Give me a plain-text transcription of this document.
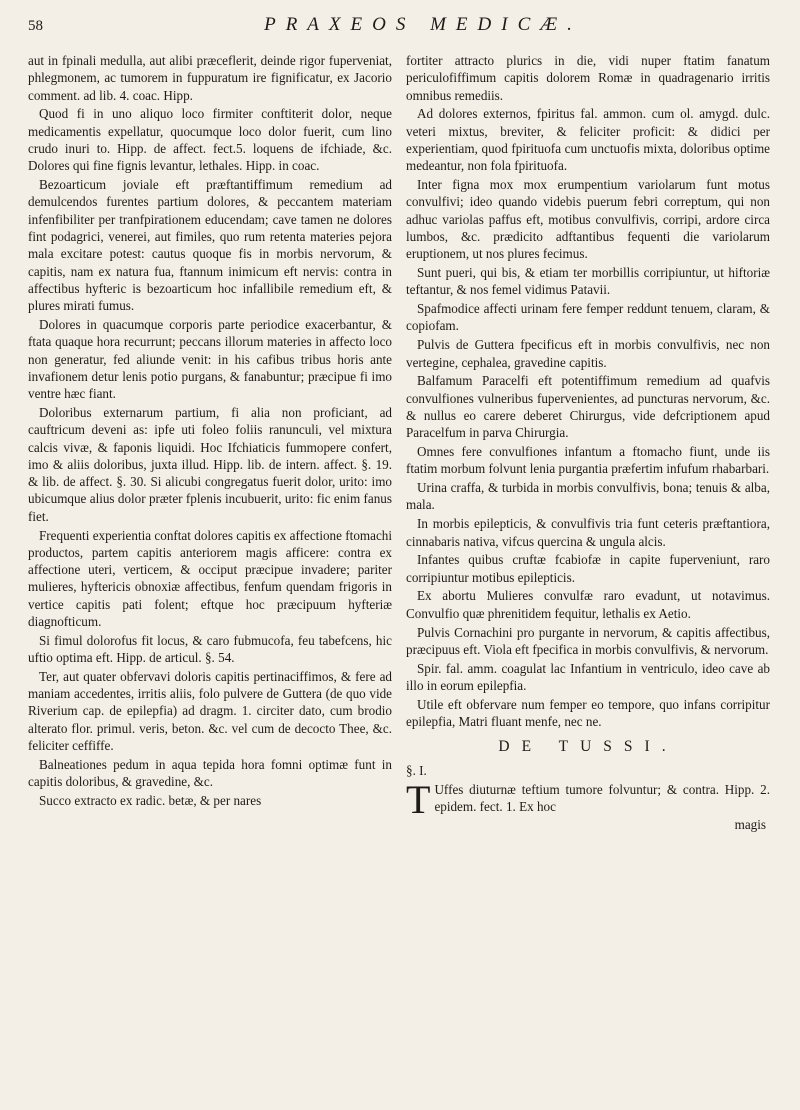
58	PRAXEOS MEDICÆ.

aut in fpinali medulla, aut alibi præceflerit, deinde rigor fuperveniat, phlegmonem, ac tumorem in fuppuratum ire fignificatur, ex Jacorio comment. ad lib. 4. coac. Hipp.

Quod fi in uno aliquo loco firmiter conftiterit dolor, neque medicamentis expellatur, quocumque loco dolor fuerit, cum lino crudo inuri to. Hipp. de affect. fect.5. loquens de ifchiade, &c. Dolores qui fine fignis levantur, lethales. Hipp. in coac.

Bezoarticum joviale eft præftantiffimum remedium ad demulcendos furentes partium dolores, & peccantem materiam infenfibiliter per tranfpirationem educendam; cave tamen ne dolores fint podagrici, venerei, aut fimiles, quo rum retenta materies pejora mala excitare potest: cautus quoque fis in morbis nervorum, & capitis, nam ex natura fua, ftannum inimicum eft nervis: contra in affectibus hyfteric is bezoarticum hoc infallibile remedium eft, & plures mirati fumus.

Dolores in quacumque corporis parte periodice exacerbantur, & ftata quaque hora recurrunt; peccans illorum materies in affecto loco non generatur, fed aliunde venit: in his cafibus tribus horis ante invafionem detur lenis potio purgans, & fanabuntur; præcipue fi imo ventre hæc fiant.

Doloribus externarum partium, fi alia non proficiant, ad cauftricum deveni as: ipfe uti foleo foliis ranunculi, vel mixtura calcis vivæ, & faponis liquidi. Hoc Ifchiaticis fummopere confert, imo & aliis doloribus, juxta illud. Hipp. lib. de intern. affect. §. 19. & lib. de affect. §. 30. Si alicubi congregatus fuerit dolor, urito: imo ubicumque alius dolor præter fplenis incubuerit, urito: fic enim fanus fiet.

Frequenti experientia conftat dolores capitis ex affectione ftomachi productos, partem capitis anteriorem magis afficere: contra ex affectione uteri, verticem, & occiput præcipue invadere; pariter mulieres, hyftericis obnoxiæ affectibus, fenfum quendam frigoris in vertice capitis pati folent; eftque hoc præcipuum hyfteriæ diagnofticum.

Si fimul dolorofus fit locus, & caro fubmucofa, feu tabefcens, hic uftio optima eft. Hipp. de articul. §. 54.

Ter, aut quater obfervavi doloris capitis pertinaciffimos, & fere ad maniam accedentes, irritis aliis, folo pulvere de Guttera (de quo vide Riverium cap. de epilepfia) ad dragm. 1. circiter dato, cum brodio alterato flor. primul. veris, beton. &c. vel cum de decocto Thee, &c. feliciter ceffiffe.

Balneationes pedum in aqua tepida hora fomni optimæ funt in capitis doloribus, & gravedine, &c.

Succo extracto ex radic. betæ, & per nares

fortiter attracto plurics in die, vidi nuper ftatim fanatum periculofiffimum capitis dolorem Romæ in quadragenario irritis omnibus remediis.

Ad dolores externos, fpiritus fal. ammon. cum ol. amygd. dulc. veteri mixtus, breviter, & feliciter proficit: & didici per experientiam, quod fpirituofa cum unctuofis mixta, doloribus optime medeantur, non fola fpirituofa.

Inter figna mox mox erumpentium variolarum funt motus convulfivi; ideo quando videbis puerum febri correptum, qui non adhuc variolas paffus eft, motibus convulfivis, corripi, ardore circa lumbos, &c. prædicito adftantibus fequenti die variolarum eruptionem, ut nos plures fecimus.

Sunt pueri, qui bis, & etiam ter morbillis corripiuntur, ut hiftoriæ teftantur, & nos femel vidimus Patavii.

Spafmodice affecti urinam fere femper reddunt tenuem, claram, & copiofam.

Pulvis de Guttera fpecificus eft in morbis convulfivis, nec non vertegine, cephalea, gravedine capitis.

Balfamum Paracelfi eft potentiffimum remedium ad quafvis convulfiones vulneribus fupervenientes, ad puncturas nervorum, &c. & nullus eo carere deberet Chirurgus, vide defcriptionem apud Paracelfum in parva Chirurgia.

Omnes fere convulfiones infantum a ftomacho fiunt, unde iis ftatim morbum folvunt lenia purgantia præfertim infufum rhabarbari.

Urina craffa, & turbida in morbis convulfivis, bona; tenuis & alba, mala.

In morbis epilepticis, & convulfivis tria funt ceteris præftantiora, cinnabaris nativa, vifcus quercina & ungula alcis.

Infantes quibus cruftæ fcabiofæ in capite fuperveniunt, raro corripiuntur motibus epilepticis.

Ex abortu Mulieres convulfæ raro evadunt, ut notavimus. Convulfio quæ phrenitidem fequitur, lethalis ex Aetio.

Pulvis Cornachini pro purgante in nervorum, & capitis affectibus, præcipuus eft. Viola eft fpecifica in morbis convulfivis, & nervorum.

Spir. fal. amm. coagulat lac Infantium in ventriculo, ideo cave ab illo in eorum epilepfia.

Utile eft obfervare num femper eo tempore, quo infans corripitur epilepfia, Matri fluant menfe, nec ne.

DE TUSSI.

§. I.

T Uffes diuturnæ teftium tumore folvuntur; & contra. Hipp. 2. epidem. fect. 1. Ex hoc

magis
